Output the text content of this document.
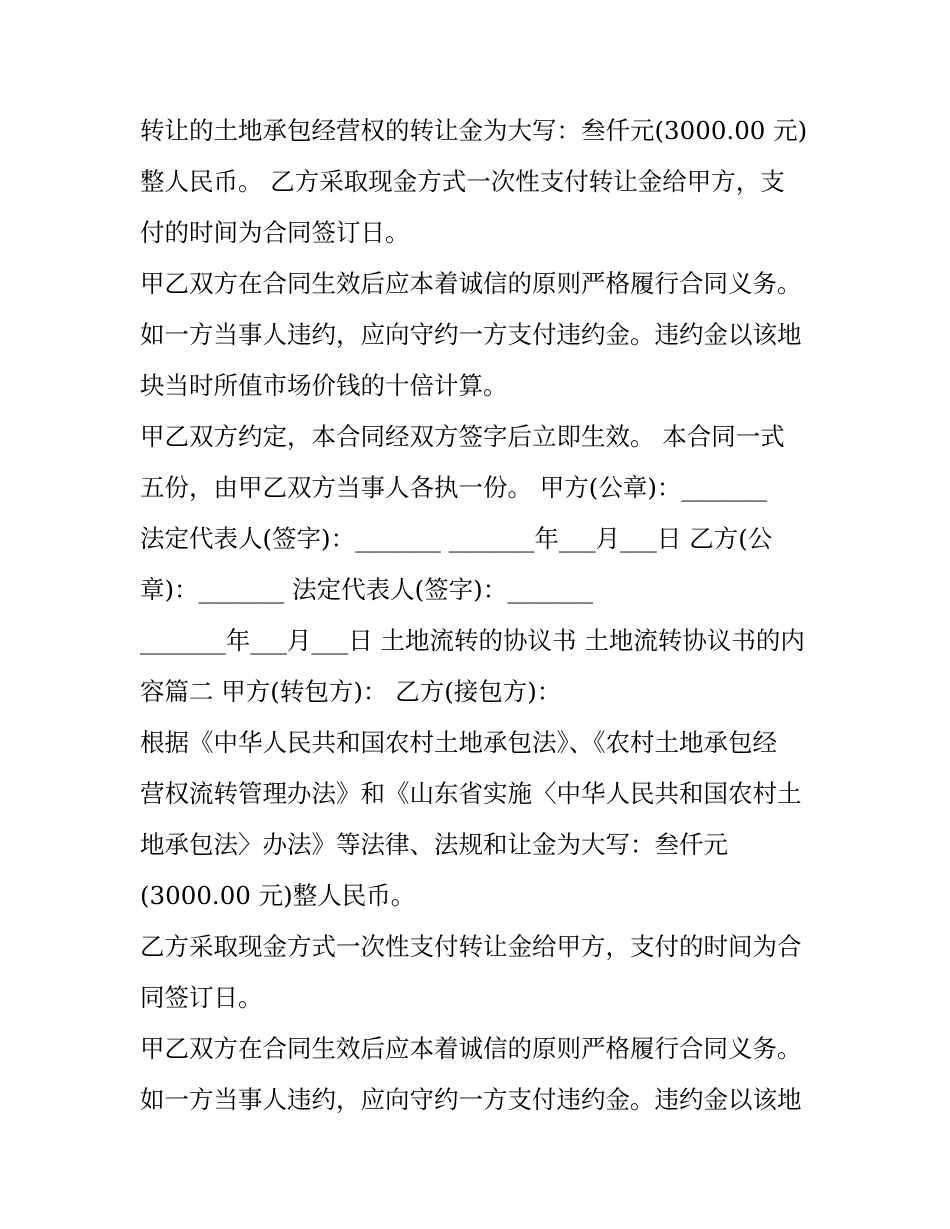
转让的土地承包经营权的转让金为大写：叁仟元(3000.00 元)
整人民币。 乙方采取现金方式一次性支付转让金给甲方，支
付的时间为合同签订日。
甲乙双方在合同生效后应本着诚信的原则严格履行合同义务。
如一方当事人违约，应向守约一方支付违约金。违约金以该地
块当时所值市场价钱的十倍计算。
甲乙双方约定，本合同经双方签字后立即生效。 本合同一式
五份，由甲乙双方当事人各执一份。 甲方(公章)：_______
法定代表人(签字)：_______ _______年___月___日 乙方(公
章)：_______ 法定代表人(签字)：_______
_______年___月___日 土地流转的协议书 土地流转协议书的内
容篇二 甲方(转包方)： 乙方(接包方)：
根据《中华人民共和国农村土地承包法》、《农村土地承包经
营权流转管理办法》和《山东省实施〈中华人民共和国农村土
地承包法〉办法》等法律、法规和让金为大写：叁仟元
(3000.00 元)整人民币。
乙方采取现金方式一次性支付转让金给甲方，支付的时间为合
同签订日。
甲乙双方在合同生效后应本着诚信的原则严格履行合同义务。
如一方当事人违约，应向守约一方支付违约金。违约金以该地
